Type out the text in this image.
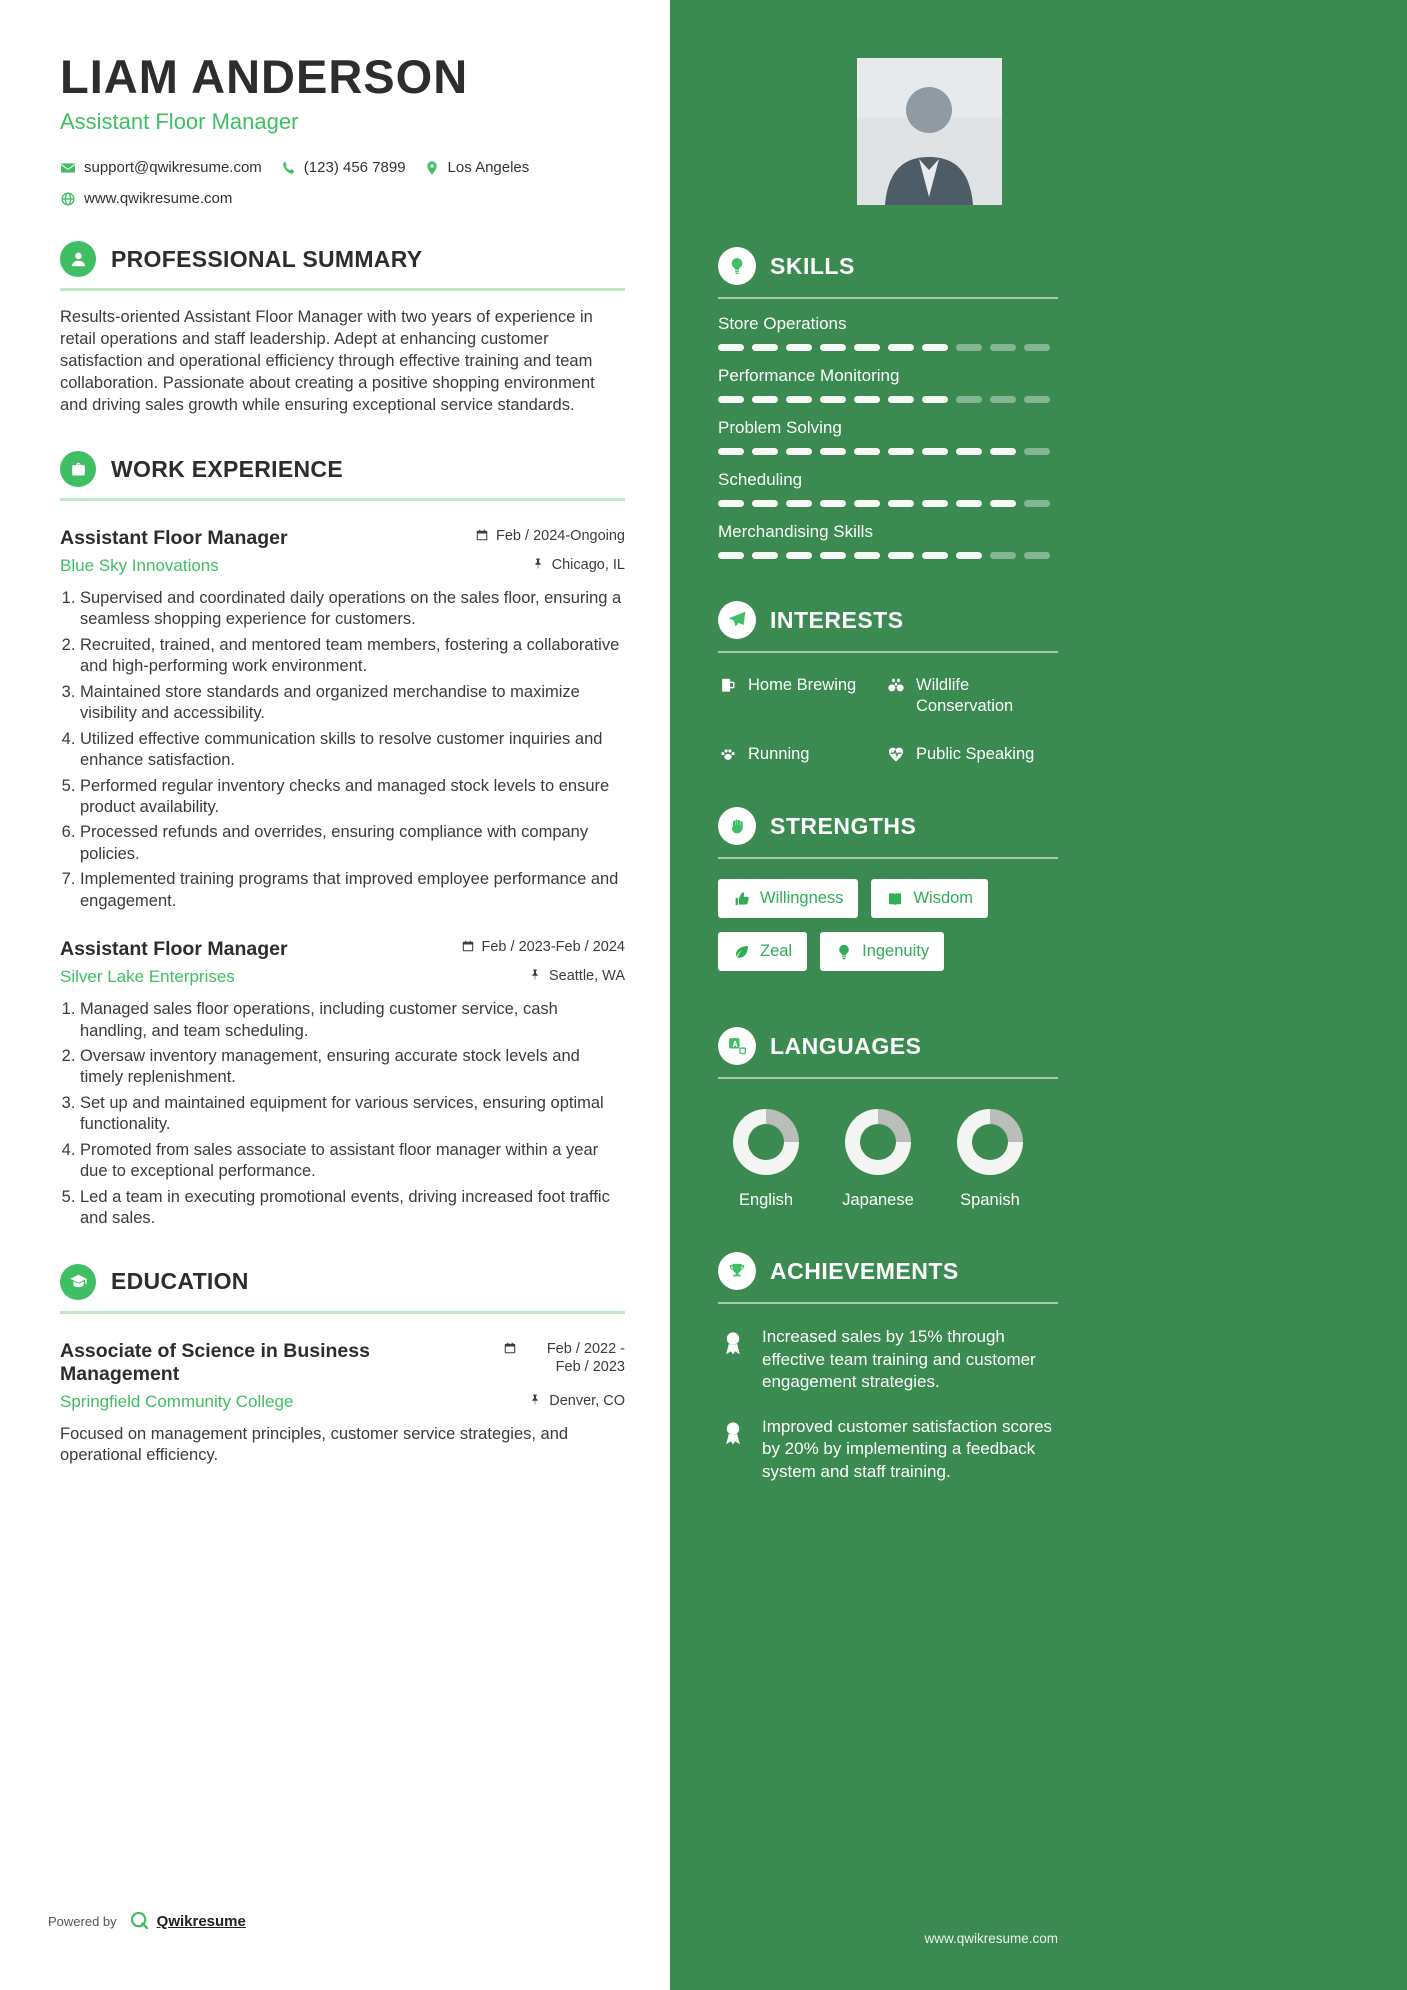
SKILLS
Store Operations
Performance Monitoring
Problem Solving
Scheduling
Merchandising Skills
INTERESTS
Home Brewing	Wildlife Conservation
Running	Public Speaking
STRENGTHS
Willingness	Wisdom

Zeal	Ingenuity
LANGUAGES
English	Japanese	Spanish
ACHIEVEMENTS
Increased sales by 15% through effective team training and customer engagement strategies.
Improved customer satisfaction scores by 20% by implementing a feedback system and staff training.
www.qwikresume.com
LIAM ANDERSON
Assistant Floor Manager
support@qwikresume.com	(123) 456 7899	Los Angeles
www.qwikresume.com
PROFESSIONAL SUMMARY

Results-oriented Assistant Floor Manager with two years of experience in retail operations and staff leadership. Adept at enhancing customer satisfaction and operational efficiency through effective training and team collaboration. Passionate about creating a positive shopping environment and driving sales growth while ensuring exceptional service standards.

WORK EXPERIENCE
Assistant Floor Manager	Feb / 2024-Ongoing
Blue Sky Innovations	Chicago, IL
1. Supervised and coordinated daily operations on the sales floor, ensuring a seamless shopping experience for customers.
2. Recruited, trained, and mentored team members, fostering a collaborative and high-performing work environment.
3. Maintained store standards and organized merchandise to maximize visibility and accessibility.
4. Utilized effective communication skills to resolve customer inquiries and enhance satisfaction.
5. Performed regular inventory checks and managed stock levels to ensure product availability.
6. Processed refunds and overrides, ensuring compliance with company policies.
7. Implemented training programs that improved employee performance and engagement.
Assistant Floor Manager	Feb / 2023-Feb / 2024
Silver Lake Enterprises	Seattle, WA
1. Managed sales floor operations, including customer service, cash handling, and team scheduling.
2. Oversaw inventory management, ensuring accurate stock levels and timely replenishment.
3. Set up and maintained equipment for various services, ensuring optimal functionality.
4. Promoted from sales associate to assistant floor manager within a year due to exceptional performance.
5. Led a team in executing promotional events, driving increased foot traffic and sales.
EDUCATION
Associate of Science in Business Management
Feb / 2022 - Feb / 2023
Springfield Community College	Denver, CO

Focused on management principles, customer service strategies, and operational efficiency.

Powered by	Qwikresume
